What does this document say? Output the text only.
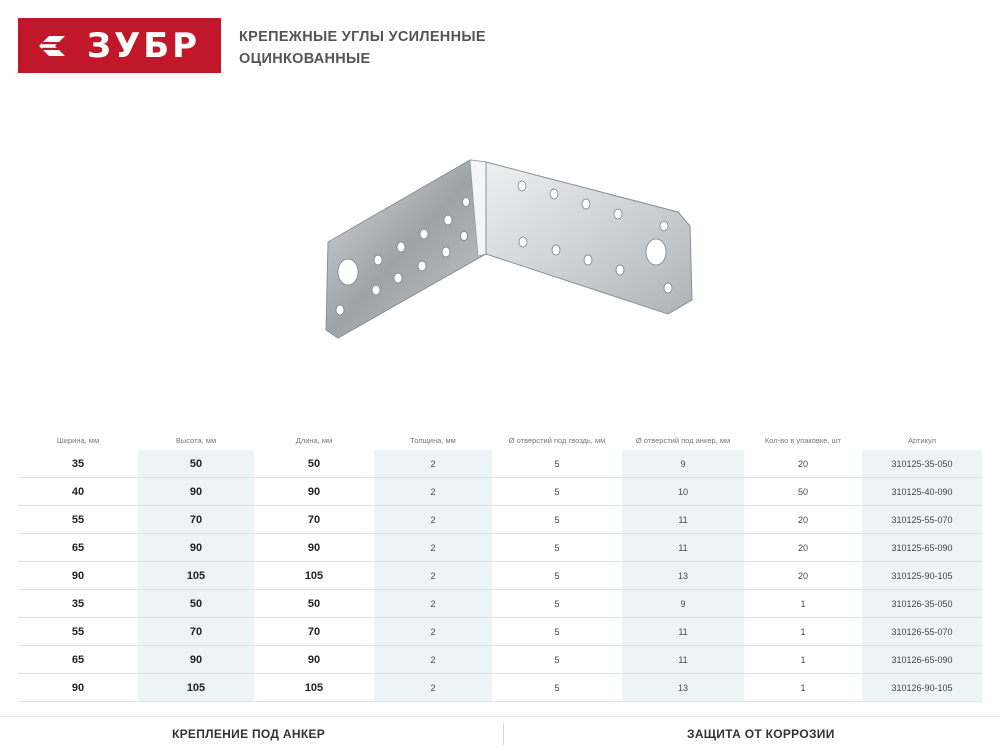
ЗУБР	КРЕПЕЖНЫЕ УГЛЫ УСИЛЕННЫЕ
ОЦИНКОВАННЫЕ
Ширина, мм	Высота, мм	Длина, мм	Толщина, мм	Ø отверстий под гвоздь, мм	Ø отверстий под анкер, мм	Кол-во в упаковке, шт	Артикул
35	50	50	2	5	9	20	310125-35-050
40	90	90	2	5	10	50	310125-40-090
55	70	70	2	5	11	20	310125-55-070
65	90	90	2	5	11	20	310125-65-090
90	105	105	2	5	13	20	310125-90-105
35	50	50	2	5	9	1	310126-35-050
55	70	70	2	5	11	1	310126-55-070
65	90	90	2	5	11	1	310126-65-090
90	105	105	2	5	13	1	310126-90-105
КРЕПЛЕНИЕ ПОД АНКЕР	ЗАЩИТА ОТ КОРРОЗИИ
